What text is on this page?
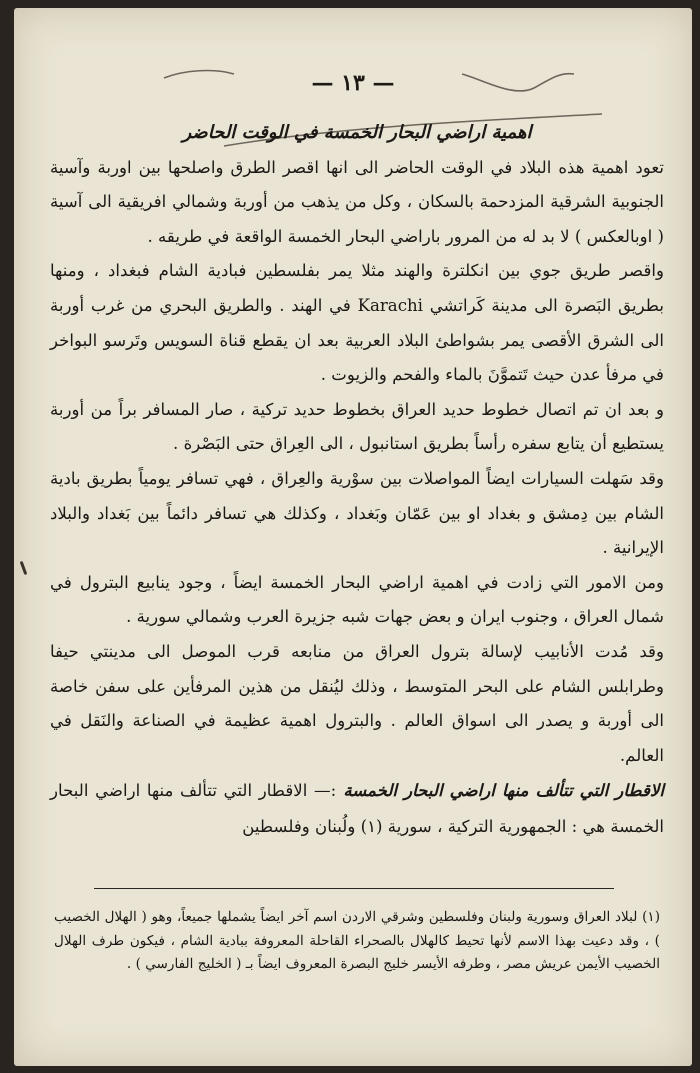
— ١٣ —

اهمية اراضي البحار الخمسة في الوقت الحاضر

تعود اهمية هذه البلاد في الوقت الحاضر الى انها اقصر الطرق واصلحها بين اوربة وآسية الجنوبية الشرقية المزدحمة بالسكان ، وكل من يذهب من أوربة وشمالي افريقية الى آسية ( اوبالعكس ) لا بد له من المرور باراضي البحار الخمسة الواقعة في طريقه .

واقصر طريق جوي بين انكلترة والهند مثلا يمر بفلسطين فبادية الشام فبغداد ، ومنها بطريق البَصرة الى مدينة كَراتشي Karachi في الهند . والطريق البحري من غرب أوربة الى الشرق الأقصى يمر بشواطئ البلاد العربية بعد ان يقطع قناة السويس وتَرسو البواخر في مرفأ عدن حيث تَتموَّنَ بالماء والفحم والزيوت .

و بعد ان تم اتصال خطوط حديد العراق بخطوط حديد تركية ، صار المسافر براً من أوربة يستطيع أن يتابع سفره رأساً بطريق استانبول ، الى العِراق حتى البَصْرة .

وقد سَهلت السيارات ايضاً المواصلات بين سوْرية والعِراق ، فهي تسافر يومياً بطريق بادية الشام بين دِمشق و بغداد او بين عَمّان وبَغداد ، وكذلك هي تسافر دائماً بين بَغداد والبلاد الإيرانية .

ومن الامور التي زادت في اهمية اراضي البحار الخمسة ايضاً ، وجود ينابيع البترول في شمال العراق ، وجنوب ايران و بعض جهات شبه جزيرة العرب وشمالي سورية .

وقد مُدت الأنابيب لإسالة بترول العراق من منابعه قرب الموصل الى مدينتي حيفا وطرابلس الشام على البحر المتوسط ، وذلك ليُنقل من هذين المرفأين على سفن خاصة الى أوربة و يصدر الى اسواق العالم . والبترول اهمية عظيمة في الصناعة والنَقل في العالم.

الاقطار التي تتألف منها اراضي البحار الخمسة :— الاقطار التي تتألف منها اراضي البحار الخمسة هي : الجمهورية التركية ، سورية (١) ولُبنان وفلسطين

(١) لبلاد العراق وسورية ولبنان وفلسطين وشرقي الاردن اسم آخر ايضاً يشملها جميعاً، وهو ( الهلال الخصيب ) ، وقد دعيت بهذا الاسم لأنها تحيط كالهلال بالصحراء القاحلة المعروفة ببادية الشام ، فيكون طرف الهلال الخصيب الأيمن عريش مصر ، وطرفه الأيسر خليج البصرة المعروف ايضاً بـ ( الخليج الفارسي ) .
